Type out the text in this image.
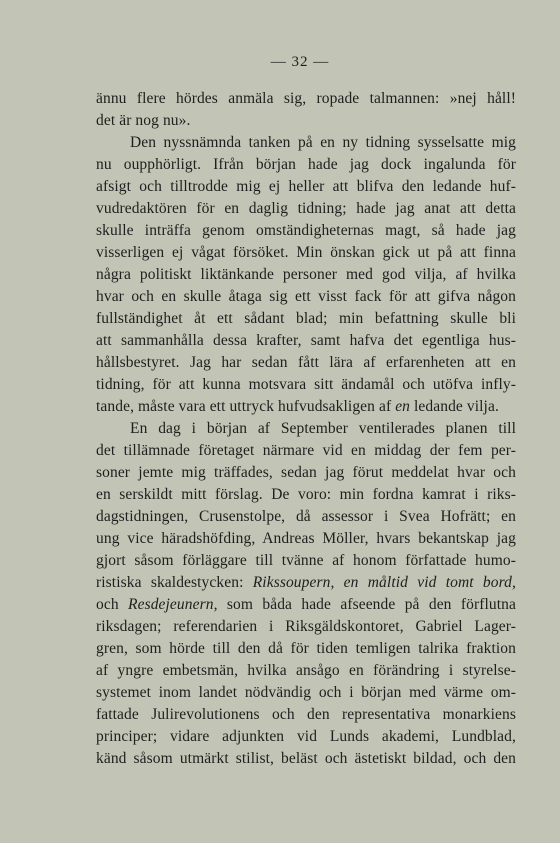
— 32 —
ännu flere hördes anmäla sig, ropade talmannen: »nej håll!
det är nog nu».
Den nyssnämnda tanken på en ny tidning sysselsatte mig
nu oupphörligt. Ifrån början hade jag dock ingalunda för
afsigt och tilltrodde mig ej heller att blifva den ledande huf-
vudredaktören för en daglig tidning; hade jag anat att detta
skulle inträffa genom omständigheternas magt, så hade jag
visserligen ej vågat försöket. Min önskan gick ut på att finna
några politiskt liktänkande personer med god vilja, af hvilka
hvar och en skulle åtaga sig ett visst fack för att gifva någon
fullständighet åt ett sådant blad; min befattning skulle bli
att sammanhålla dessa krafter, samt hafva det egentliga hus-
hållsbestyret. Jag har sedan fått lära af erfarenheten att en
tidning, för att kunna motsvara sitt ändamål och utöfva infly-
tande, måste vara ett uttryck hufvudsakligen af en ledande vilja.
En dag i början af September ventilerades planen till
det tillämnade företaget närmare vid en middag der fem per-
soner jemte mig träffades, sedan jag förut meddelat hvar och
en serskildt mitt förslag. De voro: min fordna kamrat i riks-
dagstidningen, Crusenstolpe, då assessor i Svea Hofrätt; en
ung vice häradshöfding, Andreas Möller, hvars bekantskap jag
gjort såsom förläggare till tvänne af honom författade humo-
ristiska skaldestycken: Rikssoupern, en måltid vid tomt bord,
och Resdejeunern, som båda hade afseende på den förflutna
riksdagen; referendarien i Riksgäldskontoret, Gabriel Lager-
gren, som hörde till den då för tiden temligen talrika fraktion
af yngre embetsmän, hvilka ansågo en förändring i styrelse-
systemet inom landet nödvändig och i början med värme om-
fattade Julirevolutionens och den representativa monarkiens
principer; vidare adjunkten vid Lunds akademi, Lundblad,
känd såsom utmärkt stilist, beläst och ästetiskt bildad, och den
